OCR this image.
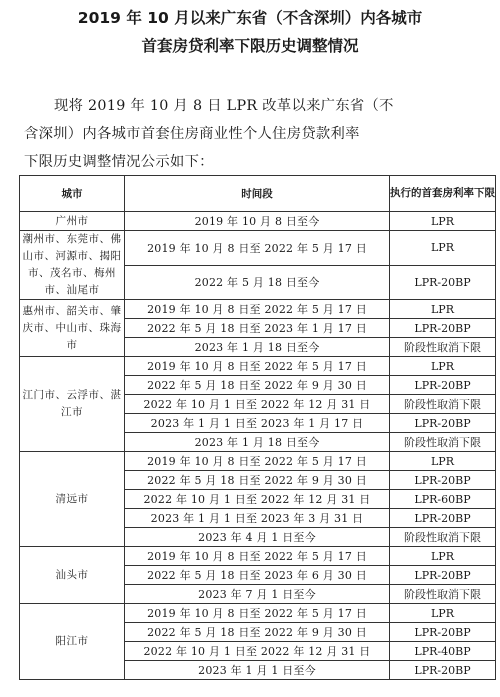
2019 年 10 月以来广东省（不含深圳）内各城市
首套房贷利率下限历史调整情况

现将 2019 年 10 月 8 日 LPR 改革以来广东省（不

含深圳）内各城市首套住房商业性个人住房贷款利率

下限历史调整情况公示如下：

城市	时间段	执行的首套房利率下限
广州市	2019 年 10 月 8 日至今	LPR
潮州市、东莞市、佛山市、河源市、揭阳市、茂名市、梅州市、汕尾市	2019 年 10 月 8 日至 2022 年 5 月 17 日	LPR
	2022 年 5 月 18 日至今	LPR-20BP
惠州市、韶关市、肇庆市、中山市、珠海市	2019 年 10 月 8 日至 2022 年 5 月 17 日	LPR
	2022 年 5 月 18 日至 2023 年 1 月 17 日	LPR-20BP
	2023 年 1 月 18 日至今	阶段性取消下限
江门市、云浮市、湛江市	2019 年 10 月 8 日至 2022 年 5 月 17 日	LPR
	2022 年 5 月 18 日至 2022 年 9 月 30 日	LPR-20BP
	2022 年 10 月 1 日至 2022 年 12 月 31 日	阶段性取消下限
	2023 年 1 月 1 日至 2023 年 1 月 17 日	LPR-20BP
	2023 年 1 月 18 日至今	阶段性取消下限
清远市	2019 年 10 月 8 日至 2022 年 5 月 17 日	LPR
	2022 年 5 月 18 日至 2022 年 9 月 30 日	LPR-20BP
	2022 年 10 月 1 日至 2022 年 12 月 31 日	LPR-60BP
	2023 年 1 月 1 日至 2023 年 3 月 31 日	LPR-20BP
	2023 年 4 月 1 日至今	阶段性取消下限
汕头市	2019 年 10 月 8 日至 2022 年 5 月 17 日	LPR
	2022 年 5 月 18 日至 2023 年 6 月 30 日	LPR-20BP
	2023 年 7 月 1 日至今	阶段性取消下限
阳江市	2019 年 10 月 8 日至 2022 年 5 月 17 日	LPR
	2022 年 5 月 18 日至 2022 年 9 月 30 日	LPR-20BP
	2022 年 10 月 1 日至 2022 年 12 月 31 日	LPR-40BP
	2023 年 1 月 1 日至今	LPR-20BP
